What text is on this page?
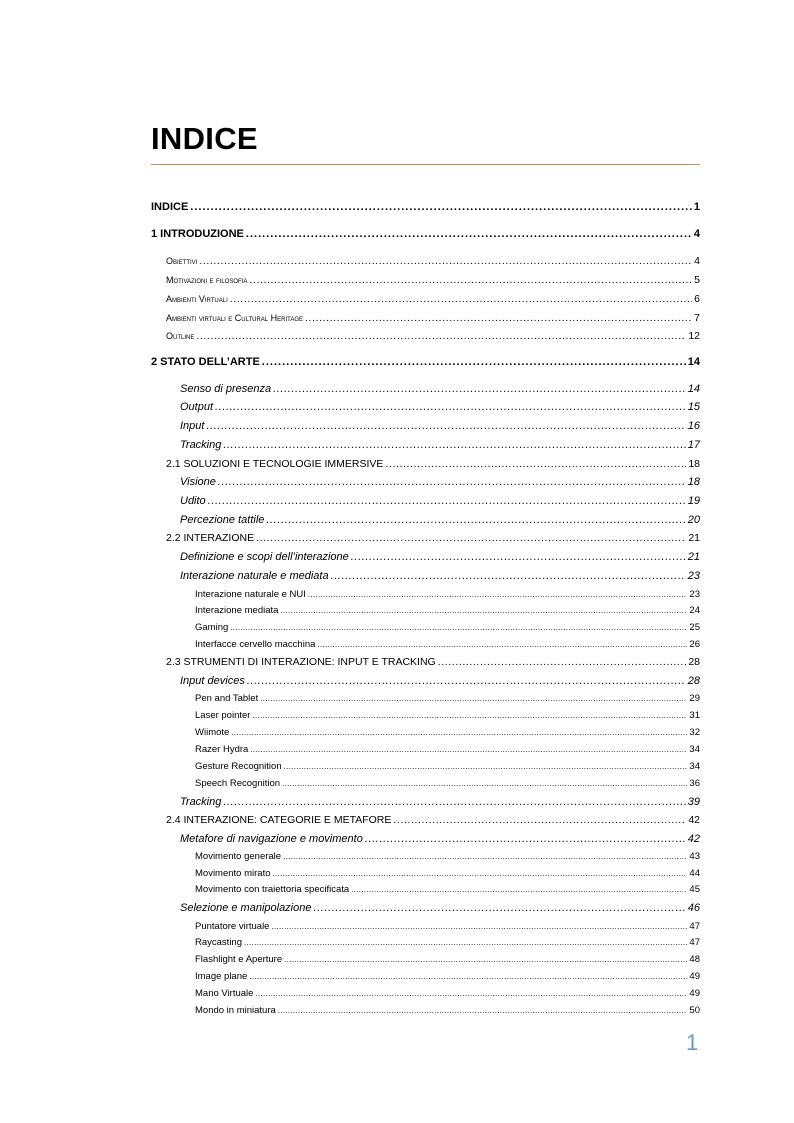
INDICE
INDICE .....	1
1 INTRODUZIONE .....	4
Obiettivi .....	4
Motivazioni e filosofia .....	5
Ambienti Virtuali .....	6
Ambienti virtuali e Cultural Heritage .....	7
Outline .....	12
2 STATO DELL’ARTE .....	14
Senso di presenza .....	14
Output .....	15
Input .....	16
Tracking .....	17
2.1 SOLUZIONI E TECNOLOGIE IMMERSIVE .....	18
Visione .....	18
Udito .....	19
Percezione tattile .....	20
2.2 INTERAZIONE .....	21
Definizione e scopi dell’interazione .....	21
Interazione naturale e mediata .....	23
Interazione naturale e NUI .....	23
Interazione mediata .....	24
Gaming .....	25
Interfacce cervello macchina .....	26
2.3 STRUMENTI DI INTERAZIONE: INPUT E TRACKING .....	28
Input devices .....	28
Pen and Tablet .....	29
Laser pointer .....	31
Wiimote .....	32
Razer Hydra .....	34
Gesture Recognition .....	34
Speech Recognition .....	36
Tracking .....	39
2.4 INTERAZIONE: CATEGORIE E METAFORE .....	42
Metafore di navigazione e movimento .....	42
Movimento generale .....	43
Movimento mirato .....	44
Movimento con traiettoria specificata .....	45
Selezione e manipolazione .....	46
Puntatore virtuale .....	47
Raycasting .....	47
Flashlight e Aperture .....	48
Image plane .....	49
Mano Virtuale .....	49
Mondo in miniatura .....	50
1
